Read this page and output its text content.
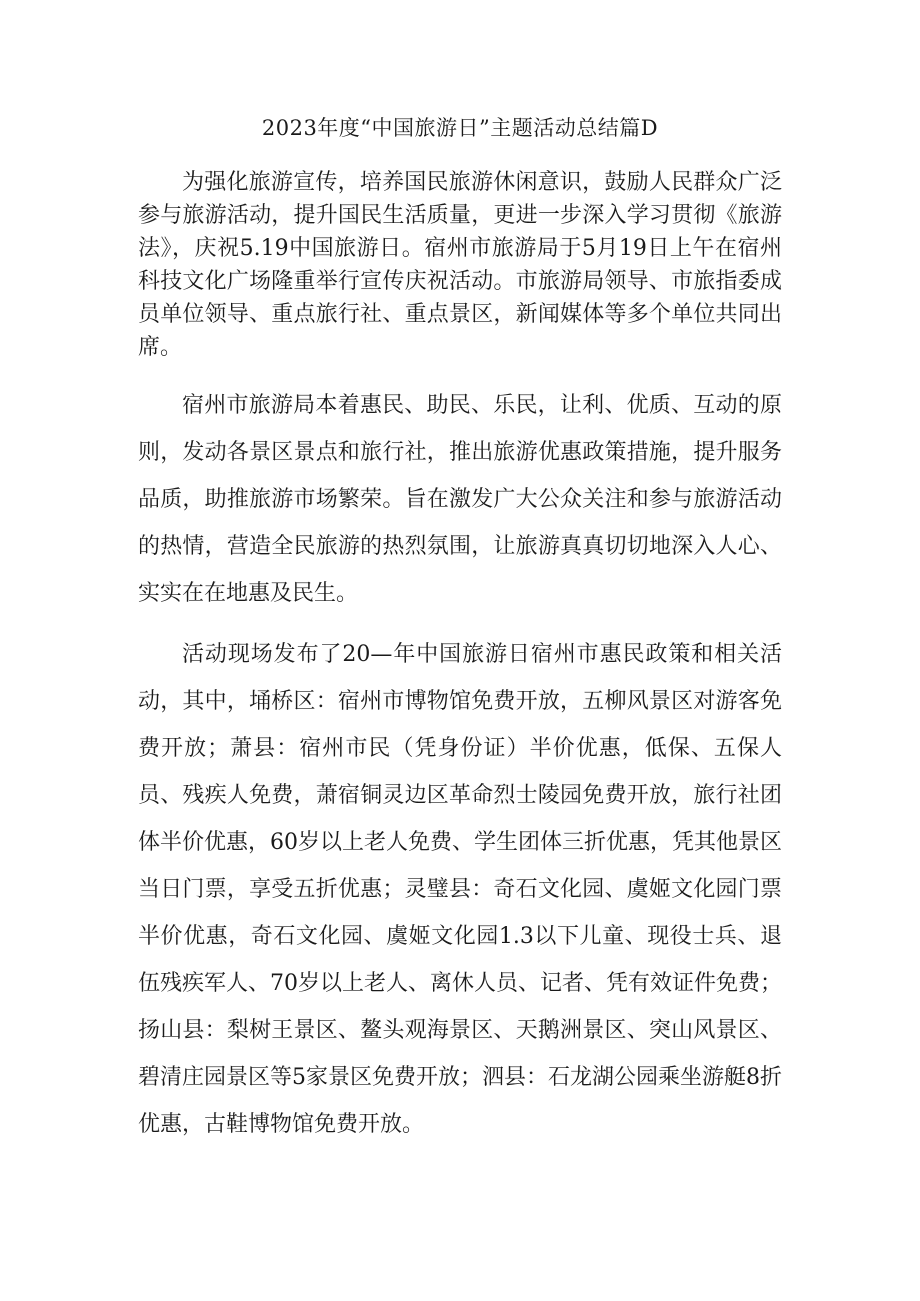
2023年度“中国旅游日”主题活动总结篇D

为强化旅游宣传，培养国民旅游休闲意识，鼓励人民群众广泛参与旅游活动，提升国民生活质量，更进一步深入学习贯彻《旅游法》，庆祝5.19中国旅游日。宿州市旅游局于5月19日上午在宿州科技文化广场隆重举行宣传庆祝活动。市旅游局领导、市旅指委成员单位领导、重点旅行社、重点景区，新闻媒体等多个单位共同出席。

宿州市旅游局本着惠民、助民、乐民，让利、优质、互动的原则，发动各景区景点和旅行社，推出旅游优惠政策措施，提升服务品质，助推旅游市场繁荣。旨在激发广大公众关注和参与旅游活动的热情，营造全民旅游的热烈氛围，让旅游真真切切地深入人心、实实在在地惠及民生。

活动现场发布了20—年中国旅游日宿州市惠民政策和相关活动，其中，埇桥区：宿州市博物馆免费开放，五柳风景区对游客免费开放；萧县：宿州市民（凭身份证）半价优惠，低保、五保人员、残疾人免费，萧宿铜灵边区革命烈士陵园免费开放，旅行社团体半价优惠，60岁以上老人免费、学生团体三折优惠，凭其他景区当日门票，享受五折优惠；灵璧县：奇石文化园、虞姬文化园门票半价优惠，奇石文化园、虞姬文化园1.3以下儿童、现役士兵、退伍残疾军人、70岁以上老人、离休人员、记者、凭有效证件免费；扬山县：梨树王景区、鳌头观海景区、天鹅洲景区、突山风景区、碧清庄园景区等5家景区免费开放；泗县：石龙湖公园乘坐游艇8折优惠，古鞋博物馆免费开放。
